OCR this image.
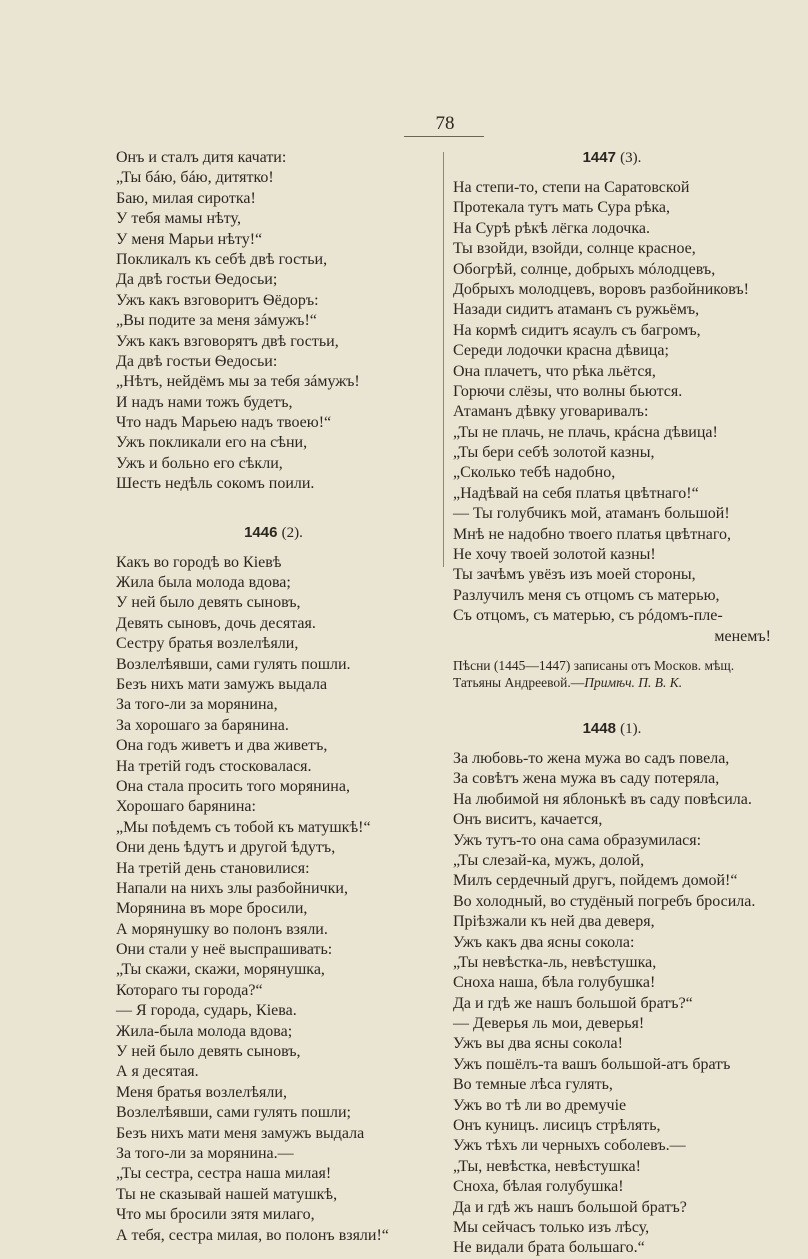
78
Онъ и сталъ дитя качати:
„Ты бáю, бáю, дитятко!
Баю, милая сиротка!
У тебя мамы нѣту,
У меня Марьи нѣту!“
Покликалъ къ себѣ двѣ гостьи,
Да двѣ гостьи Ѳедосьи;
Ужъ какъ взговоритъ Ѳёдоръ:
„Вы подите за меня зáмужъ!“
Ужъ какъ взговорятъ двѣ гостьи,
Да двѣ гостьи Ѳедосьи:
„Нѣтъ, нейдёмъ мы за тебя зáмужъ!
И надъ нами тожъ будетъ,
Что надъ Марьею надъ твоею!“
Ужъ покликали его на сѣни,
Ужъ и больно его сѣкли,
Шесть недѣль сокомъ поили.
1446 (2).
Какъ во городѣ во Кіевѣ
Жила была молода вдова;
У ней было девять сыновъ,
Девять сыновъ, дочь десятая.
Сестру братья возлелѣяли,
Возлелѣявши, сами гулять пошли.
Безъ нихъ мати замужъ выдала
За того-ли за морянина,
За хорошаго за барянина.
Она годъ живетъ и два живетъ,
На третій годъ стосковалася.
Она стала просить того морянина,
Хорошаго барянина:
„Мы поѣдемъ съ тобой къ матушкѣ!“
Они день ѣдутъ и другой ѣдутъ,
На третій день становилися:
Напали на нихъ злы разбойнички,
Морянина въ море бросили,
А морянушку во полонъ взяли.
Они стали у неё выспрашивать:
„Ты скажи, скажи, морянушка,
Котораго ты города?“
— Я города, сударь, Кіева.
Жила-была молода вдова;
У ней было девять сыновъ,
А я десятая.
Меня братья возлелѣяли,
Возлелѣявши, сами гулять пошли;
Безъ нихъ мати меня замужъ выдала
За того-ли за морянина.—
„Ты сестра, сестра наша милая!
Ты не сказывай нашей матушкѣ,
Что мы бросили зятя милаго,
А тебя, сестра милая, во полонъ взяли!“
1447 (3).
На степи-то, степи на Саратовской
Протекала тутъ мать Сура рѣка,
На Сурѣ рѣкѣ лёгка лодочка.
Ты взойди, взойди, солнце красное,
Обогрѣй, солнце, добрыхъ мóлодцевъ,
Добрыхъ молодцевъ, воровъ разбойниковъ!
Назади сидитъ атаманъ съ ружьёмъ,
На кормѣ сидитъ ясаулъ съ багромъ,
Середи лодочки красна дѣвица;
Она плачетъ, что рѣка льётся,
Горючи слёзы, что волны бьются.
Атаманъ дѣвку уговаривалъ:
„Ты не плачь, не плачь, крáсна дѣвица!
„Ты бери себѣ золотой казны,
„Сколько тебѣ надобно,
„Надѣвай на себя платья цвѣтнаго!“
— Ты голубчикъ мой, атаманъ большой!
Мнѣ не надобно твоего платья цвѣтнаго,
Не хочу твоей золотой казны!
Ты зачѣмъ увёзъ изъ моей стороны,
Разлучилъ меня съ отцомъ съ матерью,
Съ отцомъ, съ матерью, съ рóдомъ-пле-
менемъ!
Пѣсни (1445—1447) записаны отъ Москов. мѣщ.
Татьяны Андреевой.—Примѣч. П. В. К.
1448 (1).
За любовь-то жена мужа во садъ повела,
За совѣтъ жена мужа въ саду потеряла,
На любимой ня яблонькѣ въ саду повѣсила.
Онъ виситъ, качается,
Ужъ тутъ-то она сама образумилася:
„Ты слезай-ка, мужъ, долой,
Милъ сердечный другъ, пойдемъ домой!“
Во холодный, во студёный погребъ бросила.
Пріѣзжали къ ней два деверя,
Ужъ какъ два ясны сокола:
„Ты невѣстка-ль, невѣстушка,
Сноха наша, бѣла голубушка!
Да и гдѣ же нашъ большой братъ?“
— Деверья ль мои, деверья!
Ужъ вы два ясны сокола!
Ужъ пошёлъ-та вашъ большой-атъ братъ
Во темные лѣса гулять,
Ужъ во тѣ ли во дремучіе
Онъ куницъ. лисицъ стрѣлять,
Ужъ тѣхъ ли черныхъ соболевъ.—
„Ты, невѣстка, невѣстушка!
Сноха, бѣлая голубушка!
Да и гдѣ жъ нашъ большой братъ?
Мы сейчасъ только изъ лѣсу,
Не видали брата большаго.“
